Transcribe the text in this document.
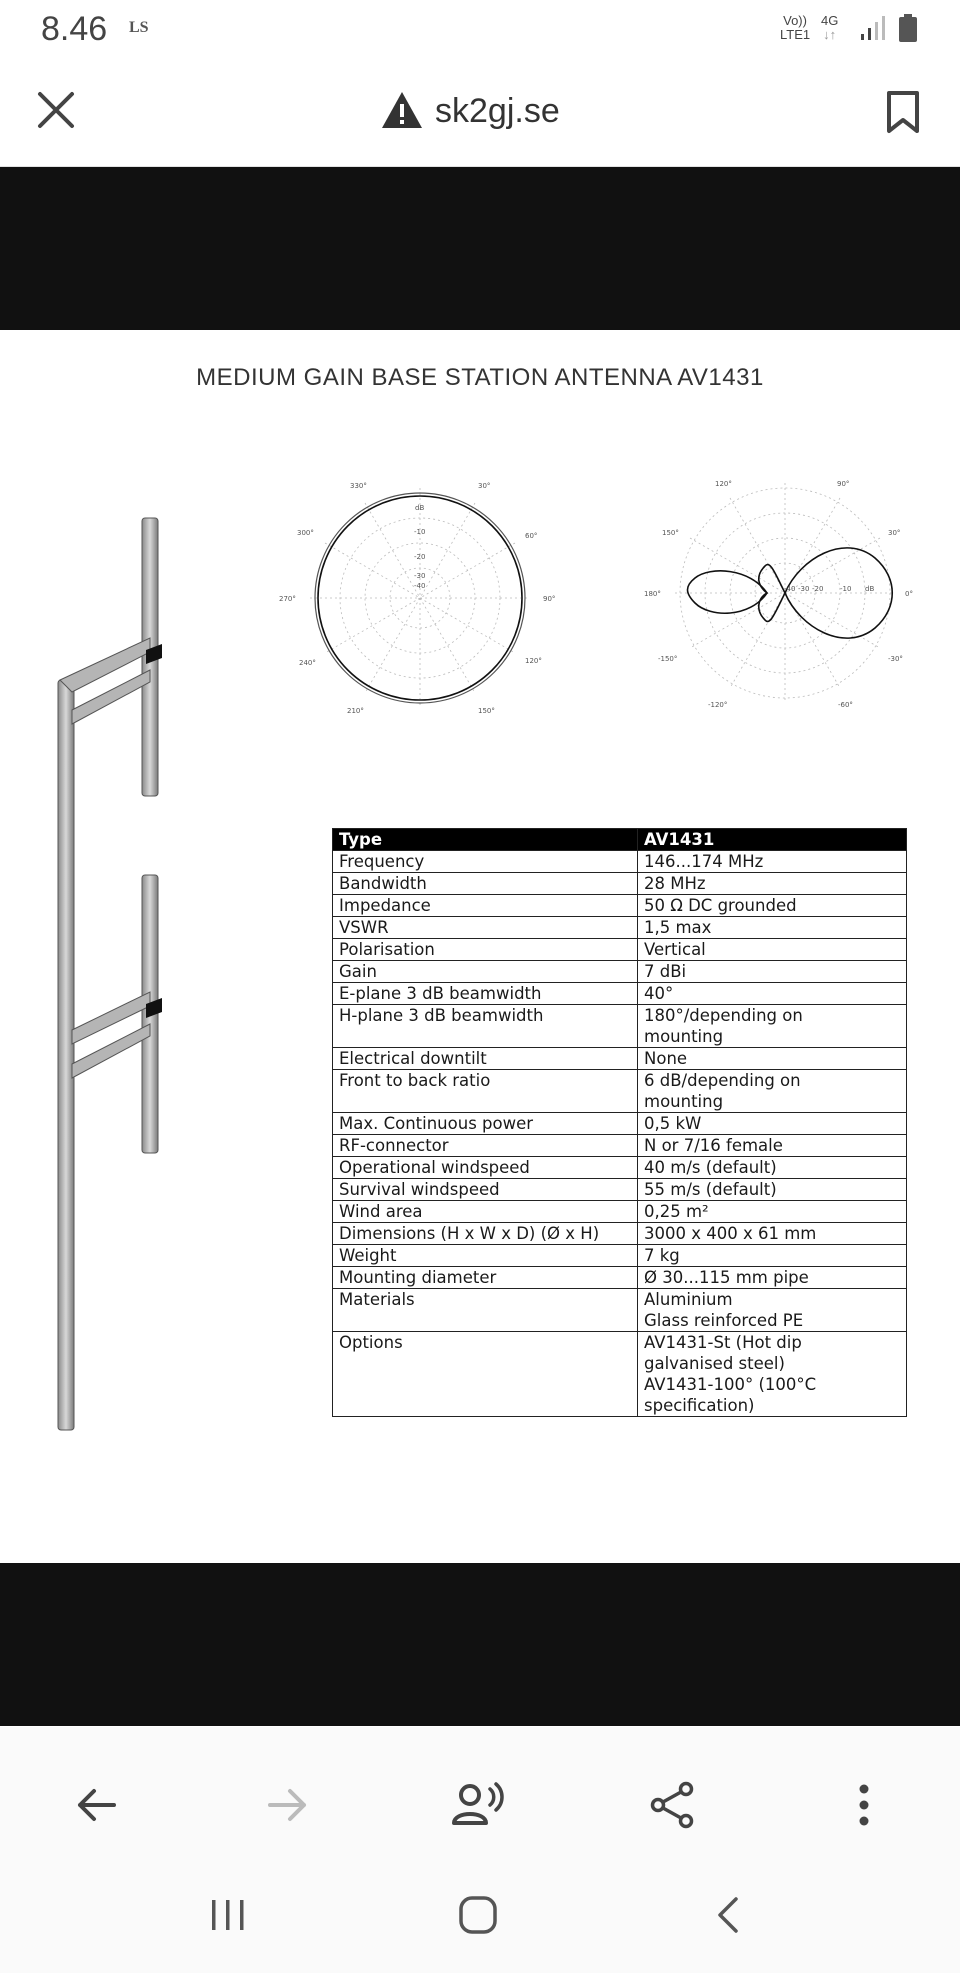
8.46 LS	Vo))
LTE1
4G
↓↑
sk2gj.se
MEDIUM GAIN BASE STATION ANTENNA AV1431
330°	30°
300°	60°
270°	90°
240°	120°
210°	150°
dB
-10
-20
-30
-40
120°	90°
150°	30°
180°	0°
-150°	-30°
-120°	-60°
-40 -30 -20 -10 dB
Type	AV1431
Frequency	146...174 MHz
Bandwidth	28 MHz
Impedance	50 Ω DC grounded
VSWR	1,5 max
Polarisation	Vertical
Gain	7 dBi
E-plane 3 dB beamwidth	40°
H-plane 3 dB beamwidth	180°/depending on
mounting
Electrical downtilt	None
Front to back ratio	6 dB/depending on
mounting
Max. Continuous power	0,5 kW
RF-connector	N or 7/16 female
Operational windspeed	40 m/s (default)
Survival windspeed	55 m/s (default)
Wind area	0,25 m²
Dimensions (H x W x D) (Ø x H)	3000 x 400 x 61 mm
Weight	7 kg
Mounting diameter	Ø 30...115 mm pipe
Materials	Aluminium
Glass reinforced PE
Options	AV1431-St (Hot dip
galvanised steel)
AV1431-100° (100°C
specification)
